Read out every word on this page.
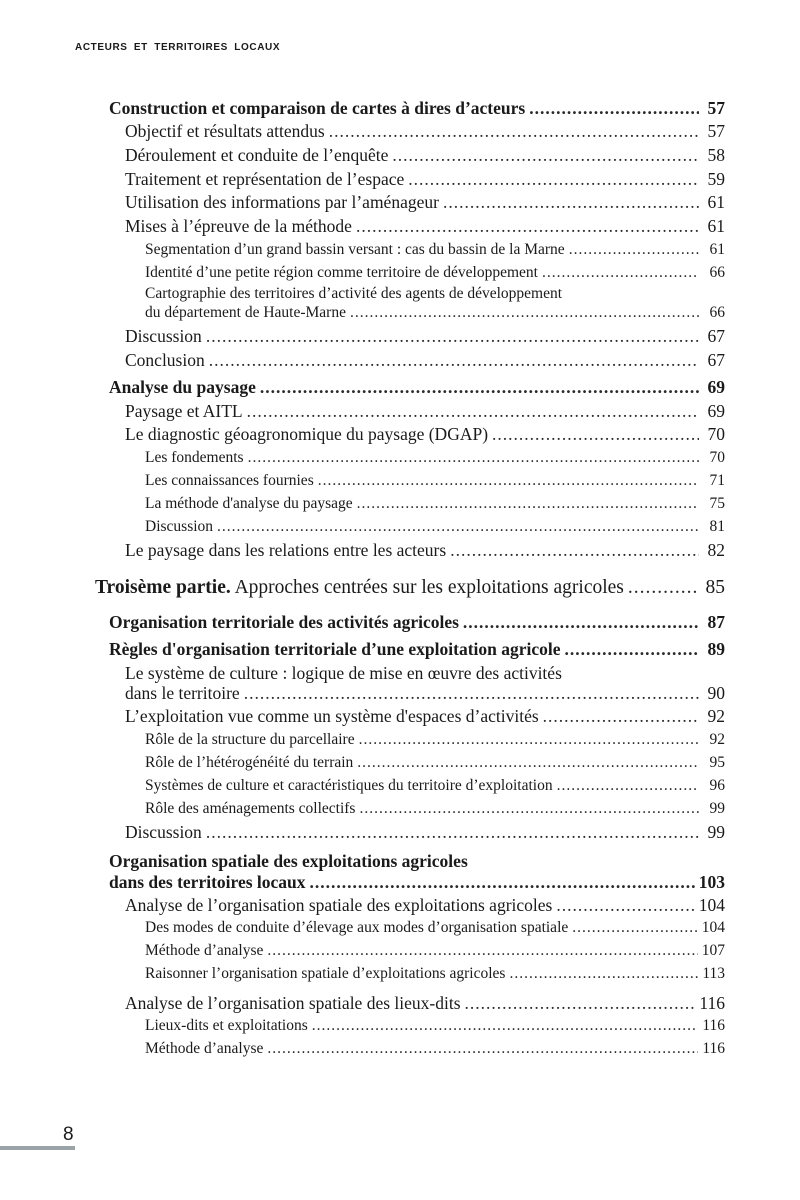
ACTEURS ET TERRITOIRES LOCAUX
Construction et comparaison de cartes à dires d’acteurs .....	57
Objectif et résultats attendus .....	57
Déroulement et conduite de l’enquête .....	58
Traitement et représentation de l’espace .....	59
Utilisation des informations par l’aménageur .....	61
Mises à l’épreuve de la méthode .....	61
Segmentation d’un grand bassin versant : cas du bassin de la Marne .....	61
Identité d’une petite région comme territoire de développement .....	66
Cartographie des territoires d’activité des agents de développement
du département de Haute-Marne .....	66
Discussion .....	67
Conclusion .....	67
Analyse du paysage .....	69
Paysage et AITL .....	69
Le diagnostic géoagronomique du paysage (DGAP) .....	70
Les fondements .....	70
Les connaissances fournies .....	71
La méthode d'analyse du paysage .....	75
Discussion .....	81
Le paysage dans les relations entre les acteurs .....	82
Troisème partie. Approches centrées sur les exploitations agricoles .....	85
Organisation territoriale des activités agricoles .....	87
Règles d'organisation territoriale d’une exploitation agricole .....	89
Le système de culture : logique de mise en œuvre des activités
dans le territoire .....	90
L’exploitation vue comme un système d'espaces d’activités .....	92
Rôle de la structure du parcellaire .....	92
Rôle de l’hétérogénéité du terrain .....	95
Systèmes de culture et caractéristiques du territoire d’exploitation .....	96
Rôle des aménagements collectifs .....	99
Discussion .....	99
Organisation spatiale des exploitations agricoles
dans des territoires locaux .....	103
Analyse de l’organisation spatiale des exploitations agricoles .....	104
Des modes de conduite d’élevage aux modes d’organisation spatiale .....	104
Méthode d’analyse .....	107
Raisonner l’organisation spatiale d’exploitations agricoles .....	113
Analyse de l’organisation spatiale des lieux-dits .....	116
Lieux-dits et exploitations .....	116
Méthode d’analyse .....	116
8
